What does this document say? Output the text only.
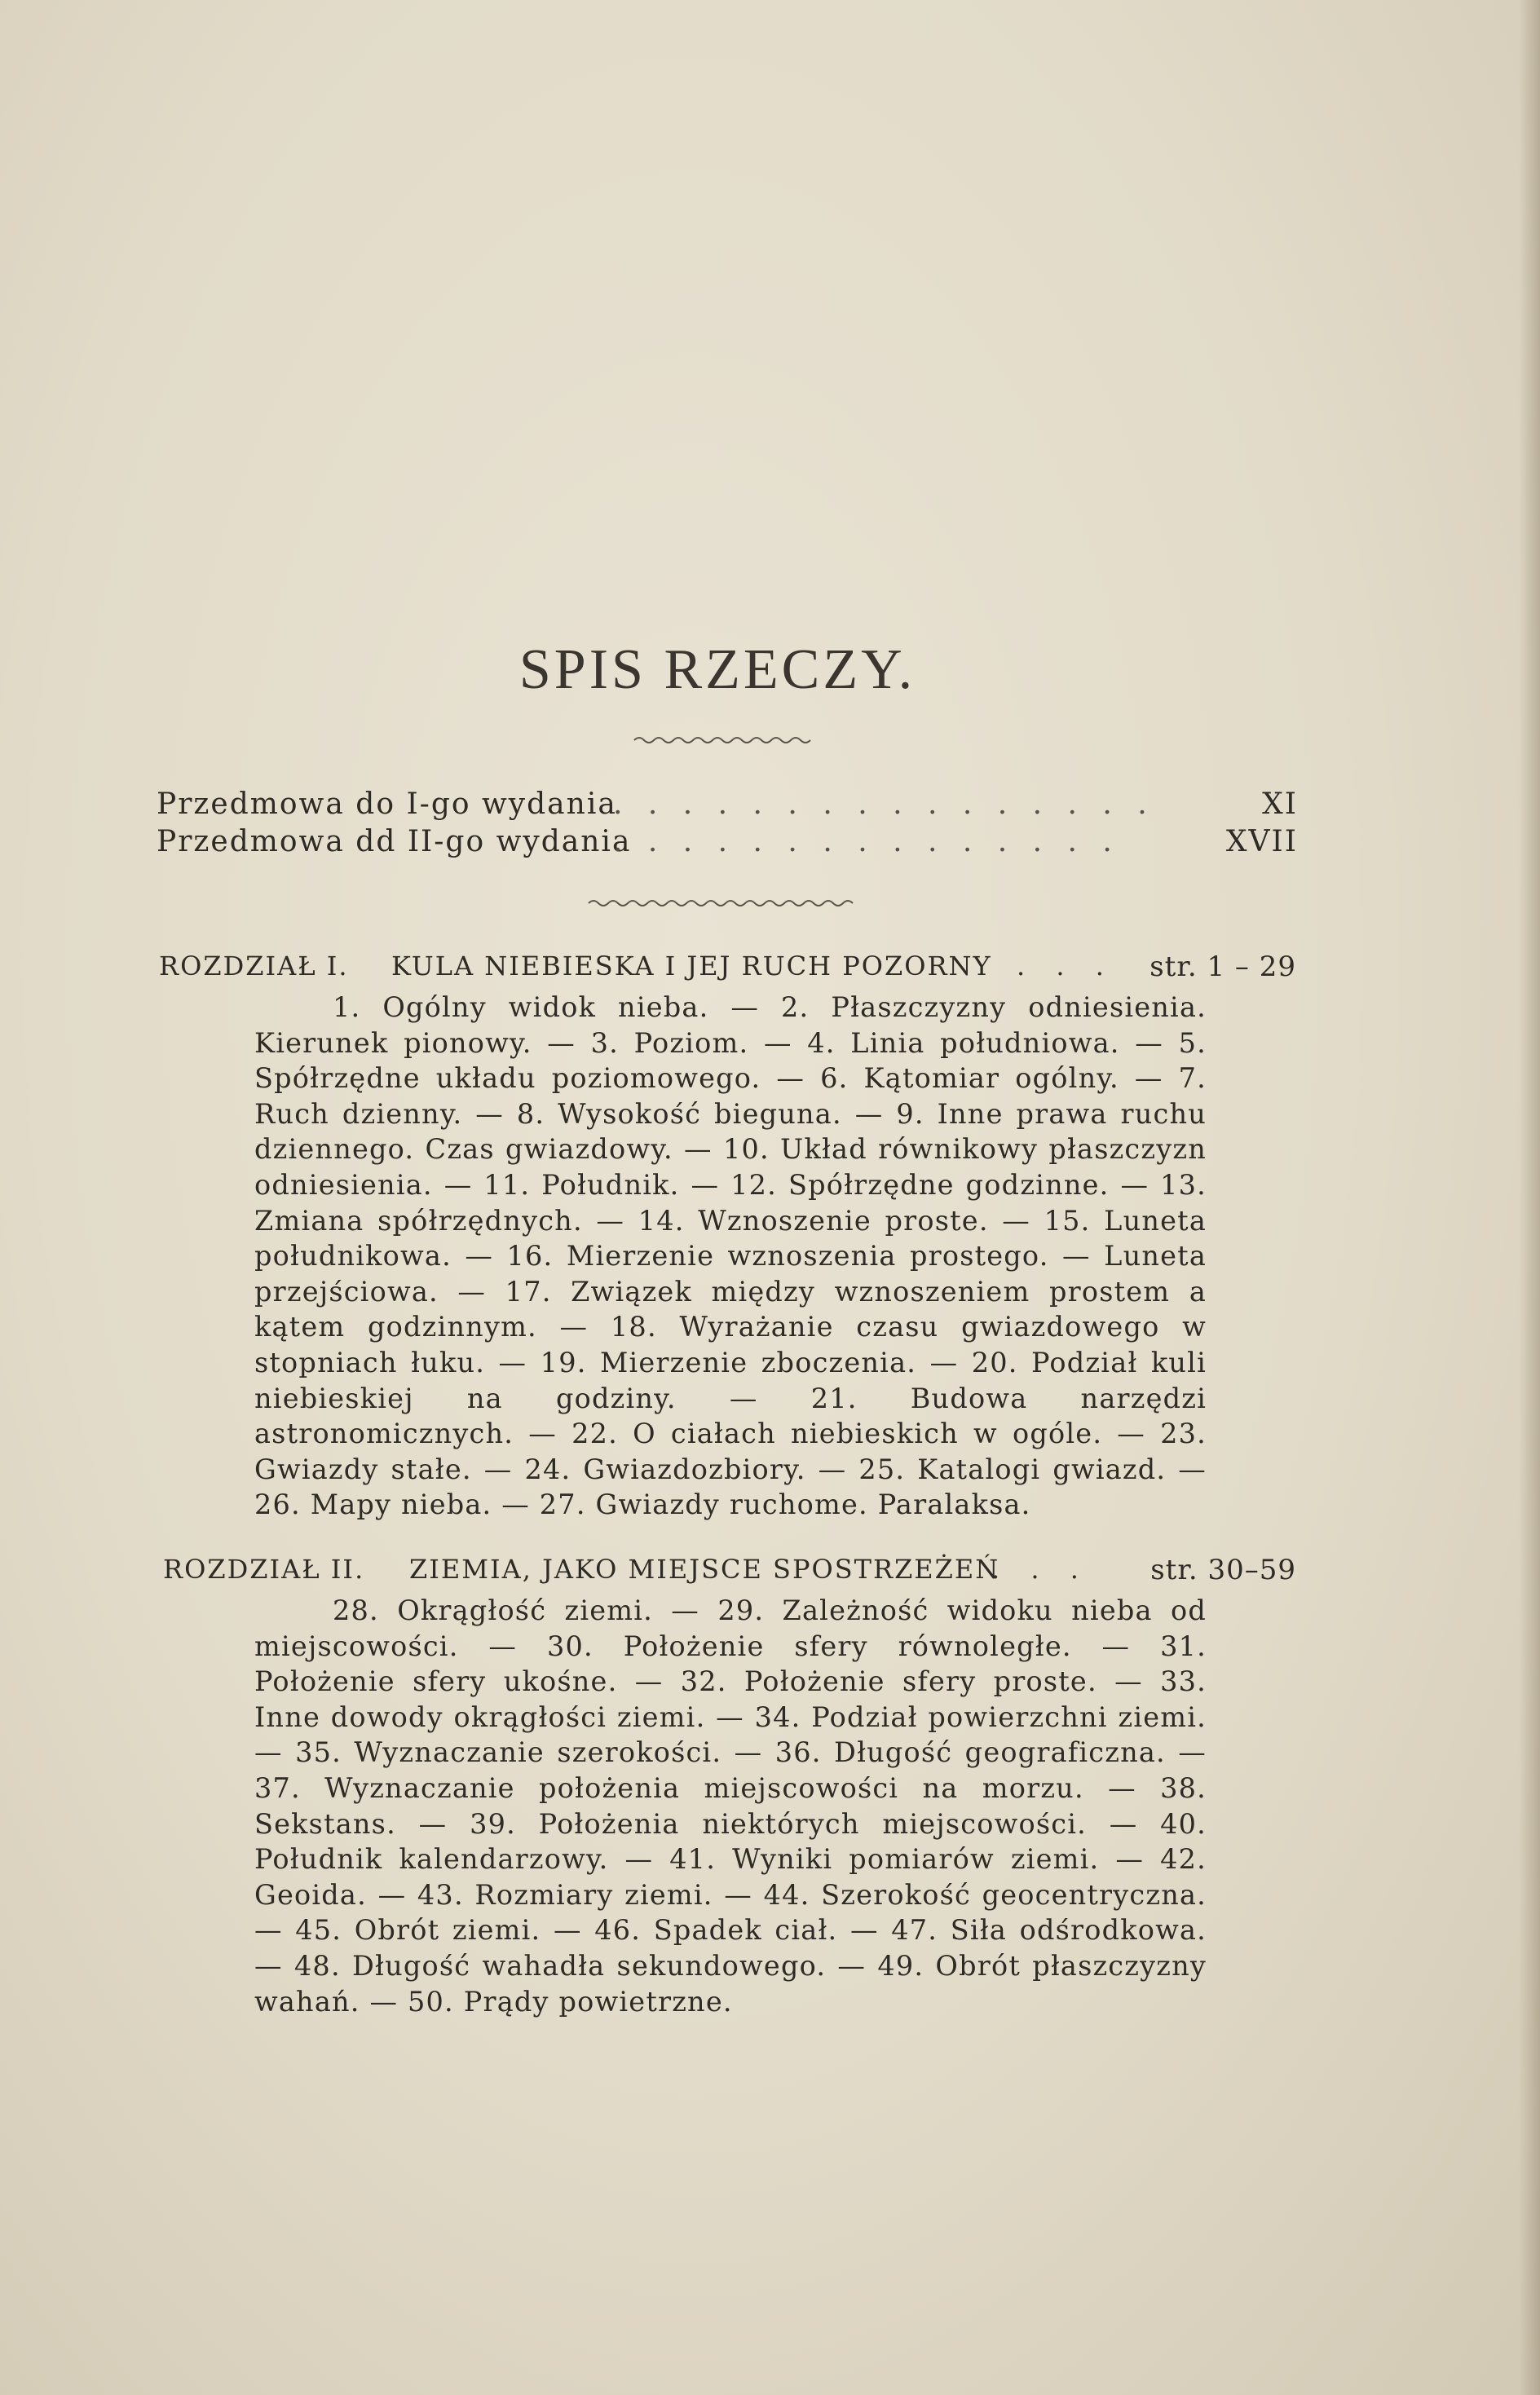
SPIS RZECZY.
Przedmowa do I-go wydania
. . . . . . . . . . . . . . . .	XI
Przedmowa dd II-go wydania
. . . . . . . . . . . . . . .	XVII
ROZDZIAŁ I. KULA NIEBIESKA I JEJ RUCH POZORNY . . . str. 1 – 29
1. Ogólny widok nieba. — 2. Płaszczyzny odniesienia. Kierunek pionowy. — 3. Poziom. — 4. Linia południowa. — 5. Spółrzędne układu poziomowego. — 6. Kątomiar ogólny. — 7. Ruch dzienny. — 8. Wysokość bieguna. — 9. Inne prawa ruchu dziennego. Czas gwiazdowy. — 10. Układ równikowy płaszczyzn odniesienia. — 11. Południk. — 12. Spółrzędne godzinne. — 13. Zmiana spółrzędnych. — 14. Wznoszenie proste. — 15. Luneta południkowa. — 16. Mierzenie wznoszenia prostego. — Luneta przejściowa. — 17. Związek między wznoszeniem prostem a kątem godzinnym. — 18. Wyrażanie czasu gwiazdowego w stopniach łuku. — 19. Mierzenie zboczenia. — 20. Podział kuli niebieskiej na godziny. — 21. Budowa narzędzi astronomicznych. — 22. O ciałach niebieskich w ogóle. — 23. Gwiazdy stałe. — 24. Gwiazdozbiory. — 25. Katalogi gwiazd. — 26. Mapy nieba. — 27. Gwiazdy ruchome. Paralaksa.
ROZDZIAŁ II. ZIEMIA, JAKO MIEJSCE SPOSTRZEŻEŃ
. . . str. 30–59
28. Okrągłość ziemi. — 29. Zależność widoku nieba od miejscowości. — 30. Położenie sfery równoległe. — 31. Położenie sfery ukośne. — 32. Położenie sfery proste. — 33. Inne dowody okrągłości ziemi. — 34. Podział powierzchni ziemi. — 35. Wyznaczanie szerokości. — 36. Długość geograficzna. — 37. Wyznaczanie położenia miejscowości na morzu. — 38. Sekstans. — 39. Położenia niektórych miejscowości. — 40. Południk kalendarzowy. — 41. Wyniki pomiarów ziemi. — 42. Geoida. — 43. Rozmiary ziemi. — 44. Szerokość geocentryczna. — 45. Obrót ziemi. — 46. Spadek ciał. — 47. Siła odśrodkowa. — 48. Długość wahadła sekundowego. — 49. Obrót płaszczyzny wahań. — 50. Prądy powietrzne.
